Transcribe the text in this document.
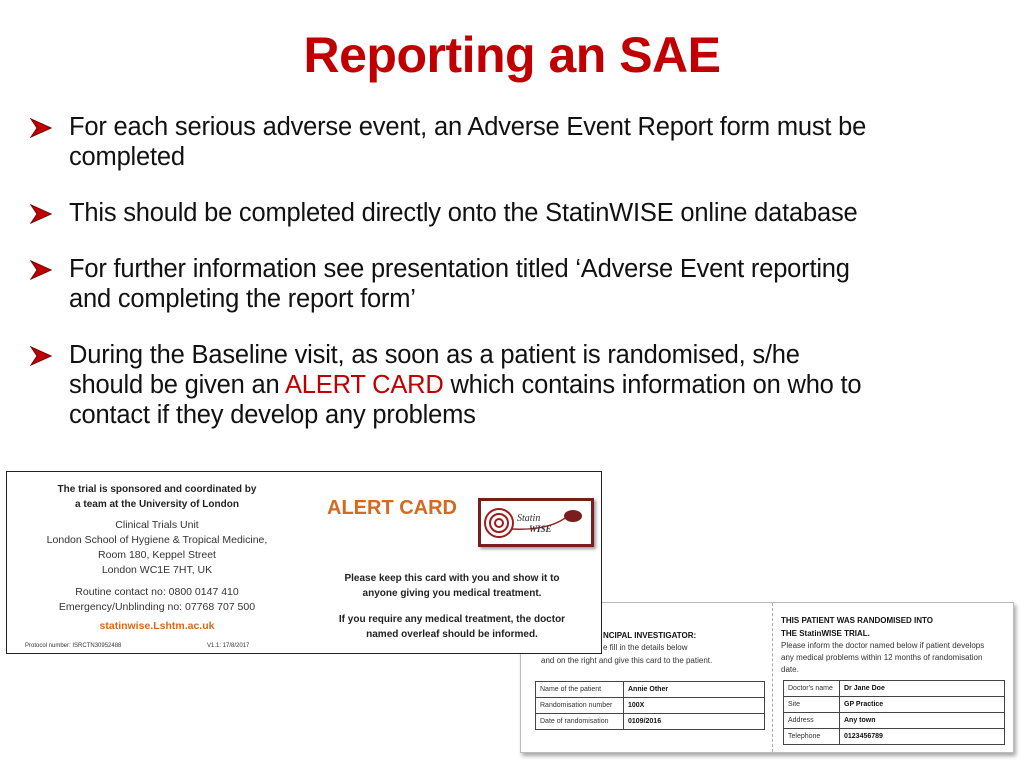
Reporting an SAE
For each serious adverse event, an Adverse Event Report form must be
completed
This should be completed directly onto the StatinWISE online database
For further information see presentation titled ‘Adverse Event reporting
and completing the report form’
During the Baseline visit, as soon as a patient is randomised, s/he
should be given an ALERT CARD which contains information on who to
contact if they develop any problems
NCIPAL INVESTIGATOR:
e fill in the details below
and on the right and give this card to the patient.
Name of the patient	Annie Other
Randomisation number	100X
Date of randomisation	0109/2016
THIS PATIENT WAS RANDOMISED INTO
THE StatinWISE TRIAL.
Please inform the doctor named below if patient develops
any medical problems within 12 months of randomisation
date.
Doctor's name	Dr Jane Doe
Site	GP Practice
Address	Any town
Telephone	0123456789
The trial is sponsored and coordinated by
a team at the University of London
Clinical Trials Unit
London School of Hygiene & Tropical Medicine,
Room 180, Keppel Street
London WC1E 7HT, UK
Routine contact no: 0800 0147 410
Emergency/Unblinding no: 07768 707 500
statinwise.Lshtm.ac.uk
Protocol number: ISRCTN30952488	V1.1: 17/8/2017
ALERT CARD	Statin
WISE
Please keep this card with you and show it to
anyone giving you medical treatment.
If you require any medical treatment, the doctor
named overleaf should be informed.
